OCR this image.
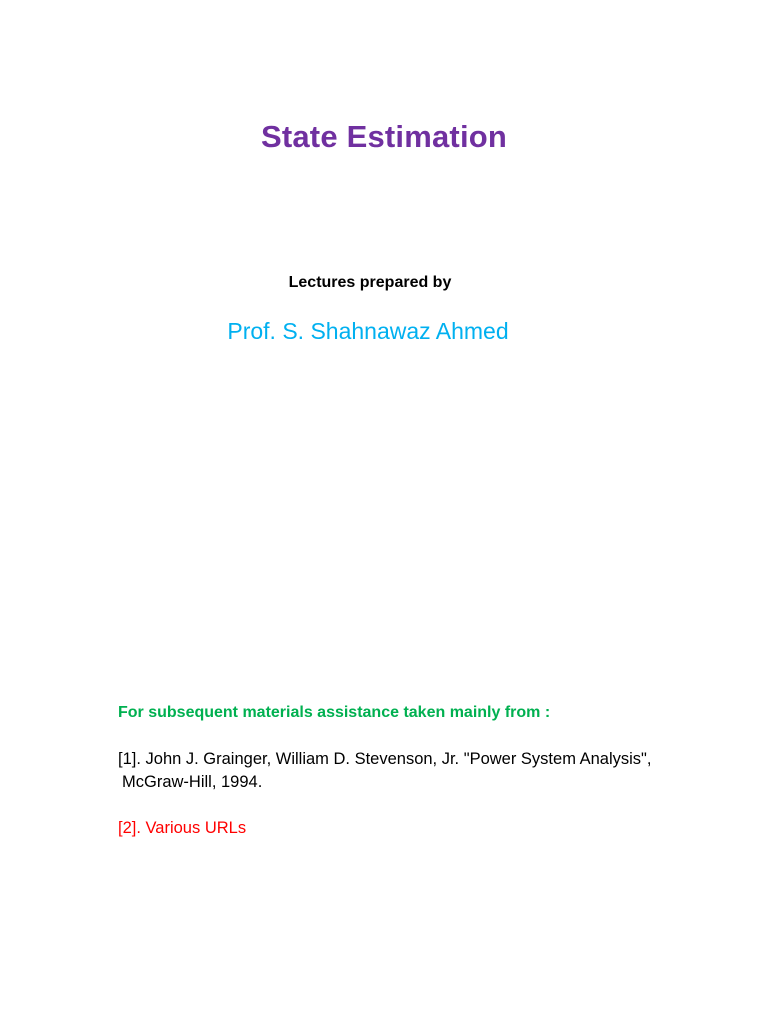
State Estimation
Lectures prepared by
Prof. S. Shahnawaz Ahmed
For subsequent materials assistance taken mainly from :
[1]. John J. Grainger, William D. Stevenson, Jr. "Power System Analysis",
McGraw-Hill, 1994.
[2]. Various URLs
